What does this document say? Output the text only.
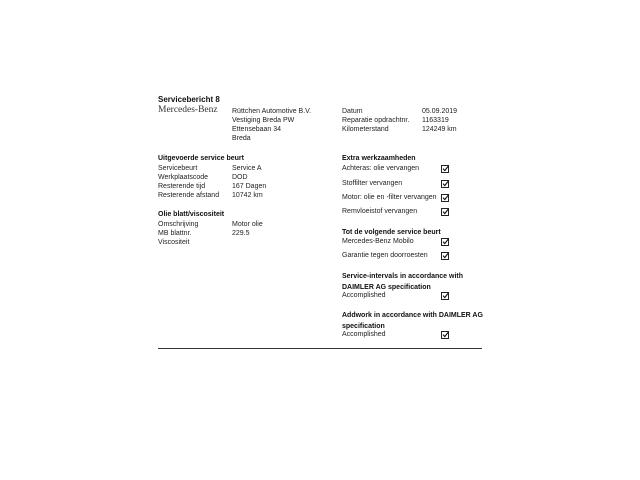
Servicebericht 8
Mercedes-Benz Rüttchen Automotive B.V.
Vestiging Breda PW
Ettensebaan 34
Breda
Datum	05.09.2019
Reparatie opdrachtnr. 1163319
Kilometerstand	124249 km
Uitgevoerde service beurt
Servicebeurt	Service A
Werkplaatscode	DOD
Resterende tijd	167 Dagen
Resterende afstand 10742 km
Olie blatt/viscositeit
Omschrijving	Motor olie
MB blattnr.	229.5
Viscositeit
Extra werkzaamheden
Achteras: olie vervangen
Stoffilter vervangen
Motor: olie en -filter vervangen
Remvloeistof vervangen
Tot de volgende service beurt
Mercedes-Benz Mobilo
Garantie tegen doorroesten
Service-intervals in accordance with DAIMLER AG specification
Accomplished
Addwork in accordance with DAIMLER AG specification
Accomplished
